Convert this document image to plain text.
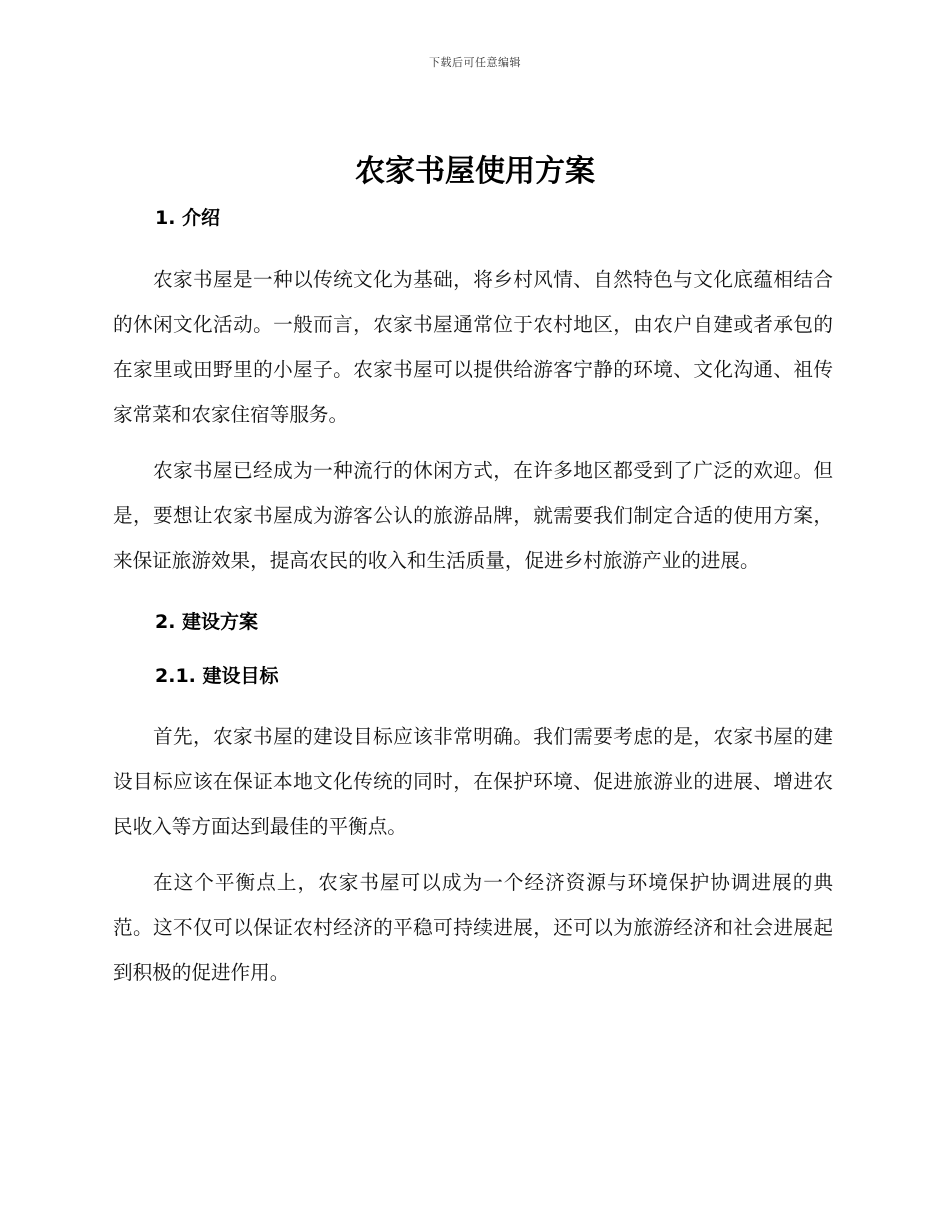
下载后可任意编辑
农家书屋使用方案
1. 介绍

农家书屋是一种以传统文化为基础，将乡村风情、自然特色与文化底蕴相结合的休闲文化活动。一般而言，农家书屋通常位于农村地区，由农户自建或者承包的在家里或田野里的小屋子。农家书屋可以提供给游客宁静的环境、文化沟通、祖传家常菜和农家住宿等服务。

农家书屋已经成为一种流行的休闲方式，在许多地区都受到了广泛的欢迎。但是，要想让农家书屋成为游客公认的旅游品牌，就需要我们制定合适的使用方案，来保证旅游效果，提高农民的收入和生活质量，促进乡村旅游产业的进展。

2. 建设方案
2.1. 建设目标

首先，农家书屋的建设目标应该非常明确。我们需要考虑的是，农家书屋的建设目标应该在保证本地文化传统的同时，在保护环境、促进旅游业的进展、增进农民收入等方面达到最佳的平衡点。

在这个平衡点上，农家书屋可以成为一个经济资源与环境保护协调进展的典范。这不仅可以保证农村经济的平稳可持续进展，还可以为旅游经济和社会进展起到积极的促进作用。
